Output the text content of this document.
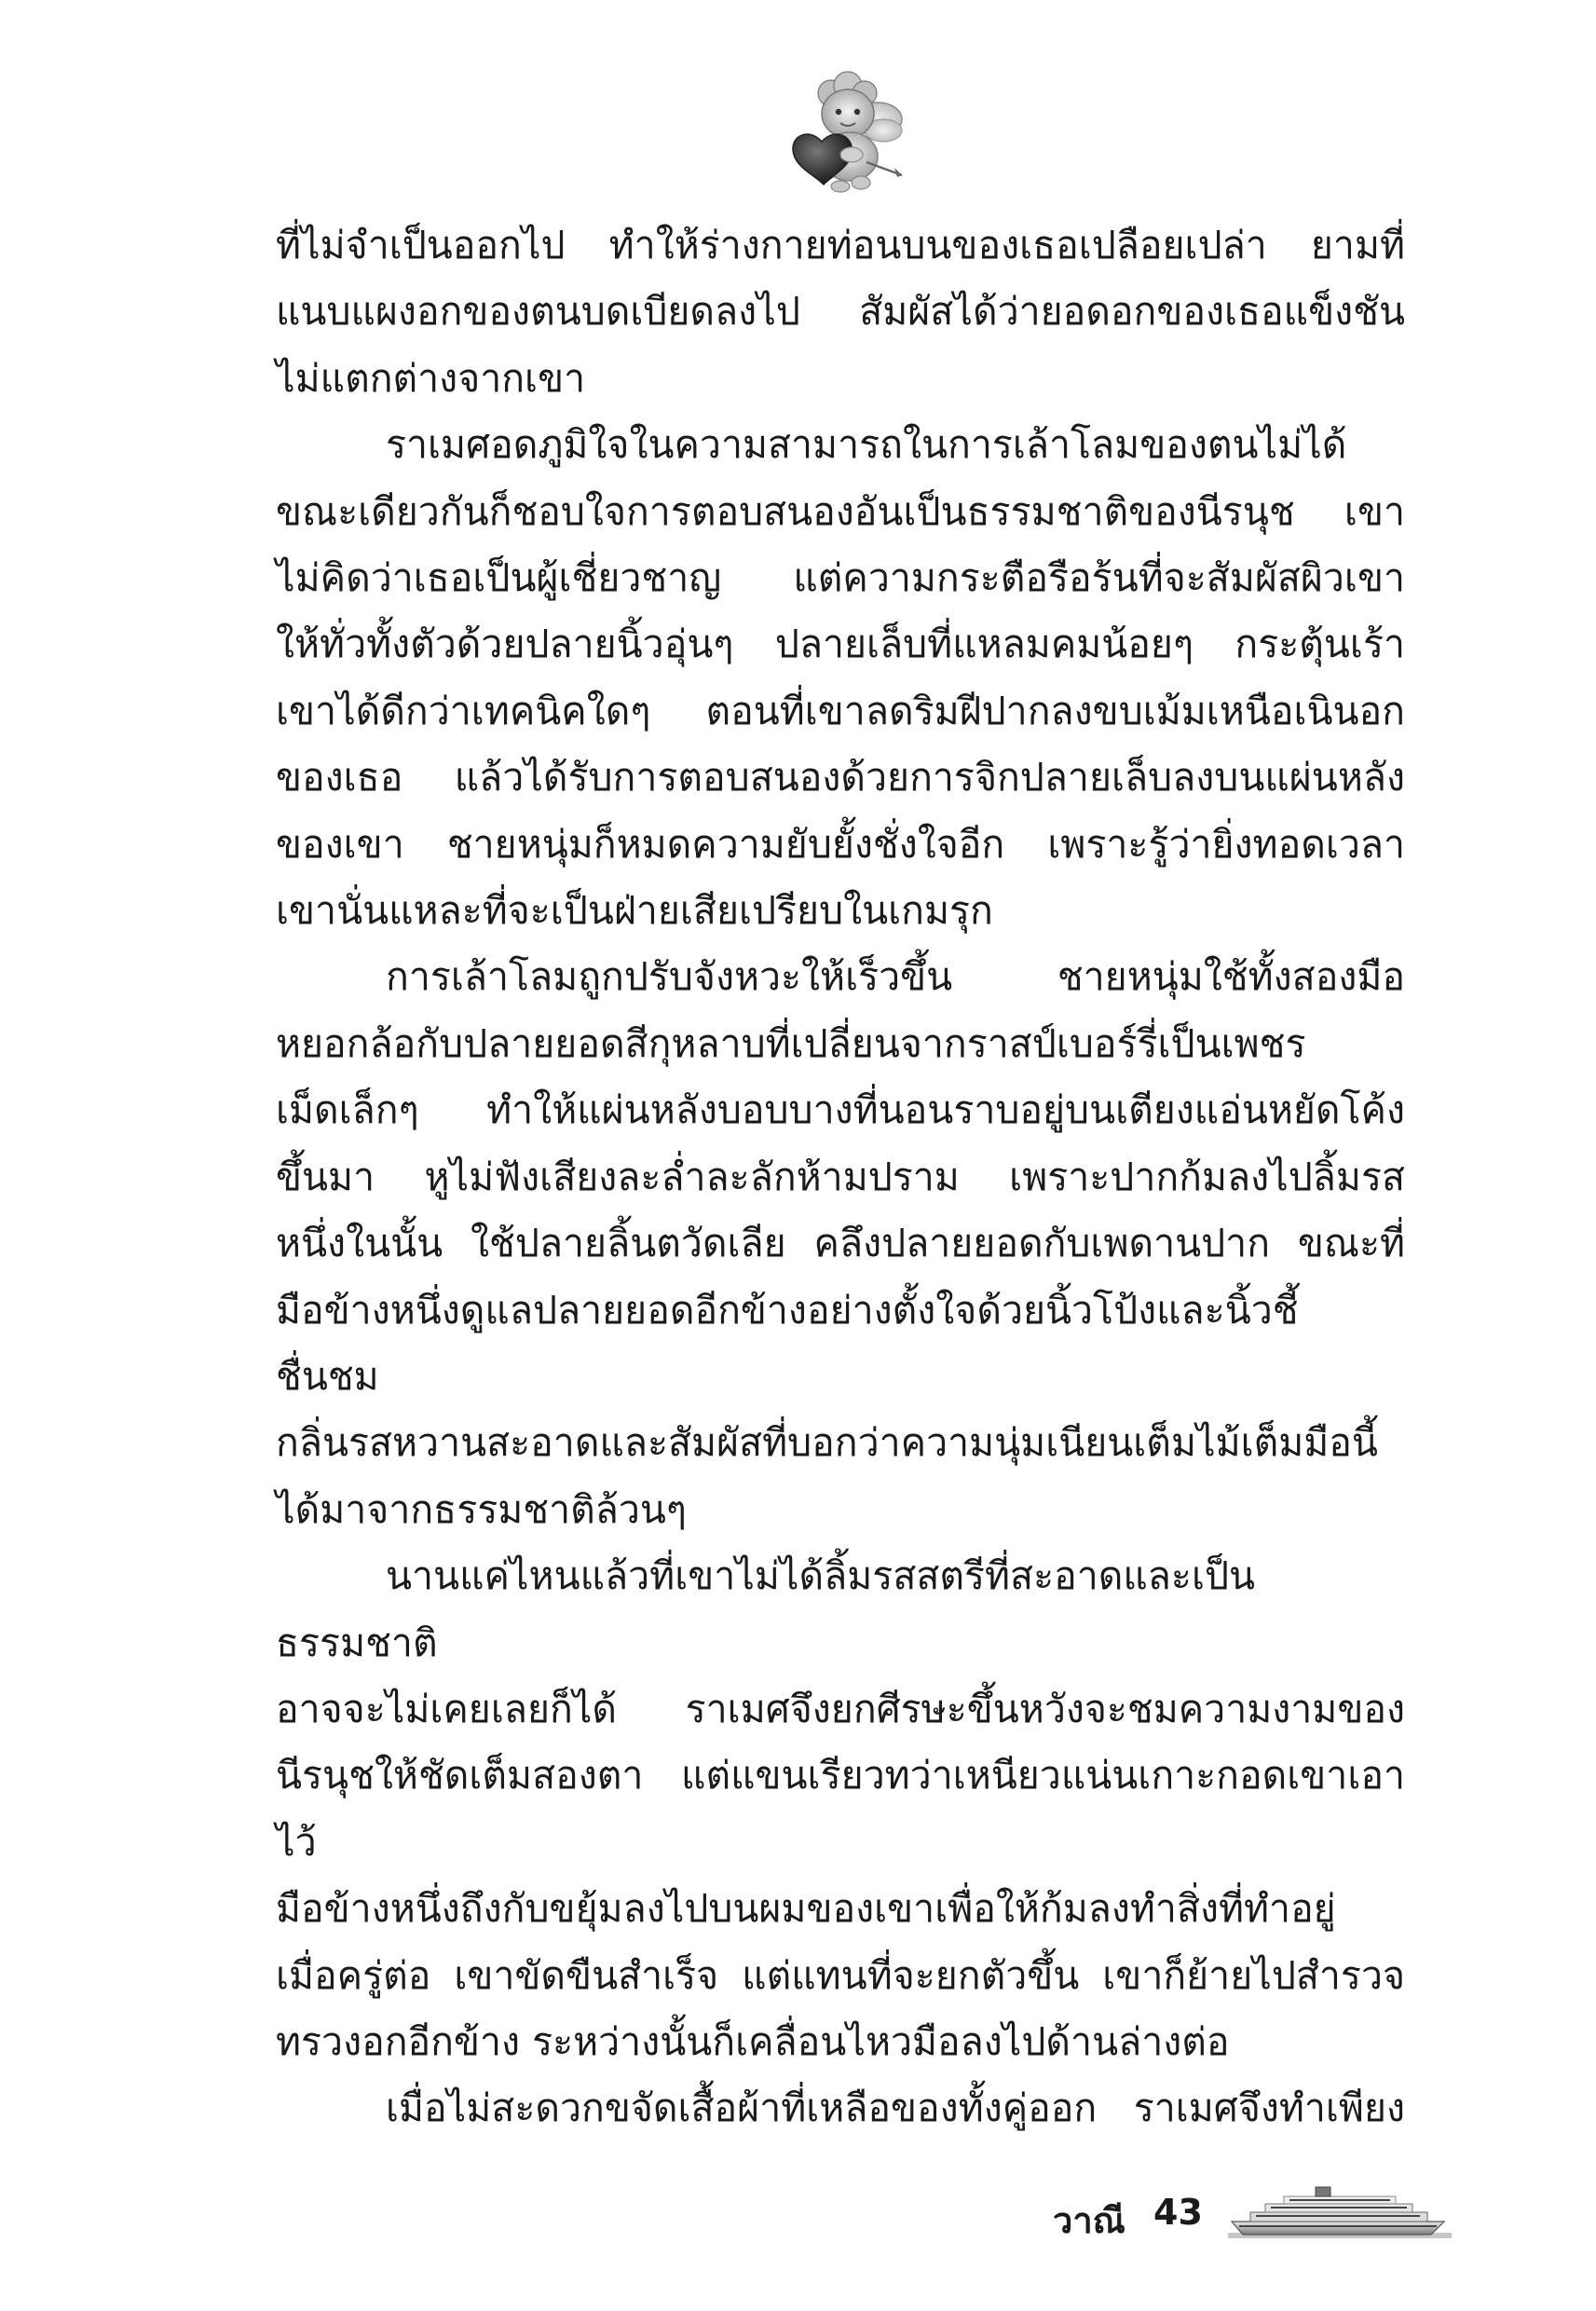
ที่ไม่จำเป็นออกไป ทำให้ร่างกายท่อนบนของเธอเปลือยเปล่า ยามที่
แนบแผงอกของตนบดเบียดลงไป สัมผัสได้ว่ายอดอกของเธอแข็งชัน
ไม่แตกต่างจากเขา
ราเมศอดภูมิใจในความสามารถในการเล้าโลมของตนไม่ได้
ขณะเดียวกันก็ชอบใจการตอบสนองอันเป็นธรรมชาติของนีรนุช เขา
ไม่คิดว่าเธอเป็นผู้เชี่ยวชาญ แต่ความกระตือรือร้นที่จะสัมผัสผิวเขา
ให้ทั่วทั้งตัวด้วยปลายนิ้วอุ่นๆ ปลายเล็บที่แหลมคมน้อยๆ กระตุ้นเร้า
เขาได้ดีกว่าเทคนิคใดๆ ตอนที่เขาลดริมฝีปากลงขบเม้มเหนือเนินอก
ของเธอ แล้วได้รับการตอบสนองด้วยการจิกปลายเล็บลงบนแผ่นหลัง
ของเขา ชายหนุ่มก็หมดความยับยั้งชั่งใจอีก เพราะรู้ว่ายิ่งทอดเวลา
เขานั่นแหละที่จะเป็นฝ่ายเสียเปรียบในเกมรุก
การเล้าโลมถูกปรับจังหวะให้เร็วขึ้น ชายหนุ่มใช้ทั้งสองมือ
หยอกล้อกับปลายยอดสีกุหลาบที่เปลี่ยนจากราสป์เบอร์รี่เป็นเพชร
เม็ดเล็กๆ ทำให้แผ่นหลังบอบบางที่นอนราบอยู่บนเตียงแอ่นหยัดโค้ง
ขึ้นมา หูไม่ฟังเสียงละล่ำละลักห้ามปราม เพราะปากก้มลงไปลิ้มรส
หนึ่งในนั้น ใช้ปลายลิ้นตวัดเลีย คลึงปลายยอดกับเพดานปาก ขณะที่
มือข้างหนึ่งดูแลปลายยอดอีกข้างอย่างตั้งใจด้วยนิ้วโป้งและนิ้วชี้ ชื่นชม
กลิ่นรสหวานสะอาดและสัมผัสที่บอกว่าความนุ่มเนียนเต็มไม้เต็มมือนี้
ได้มาจากธรรมชาติล้วนๆ
นานแค่ไหนแล้วที่เขาไม่ได้ลิ้มรสสตรีที่สะอาดและเป็นธรรมชาติ
อาจจะไม่เคยเลยก็ได้ ราเมศจึงยกศีรษะขึ้นหวังจะชมความงามของ
นีรนุชให้ชัดเต็มสองตา แต่แขนเรียวทว่าเหนียวแน่นเกาะกอดเขาเอาไว้
มือข้างหนึ่งถึงกับขยุ้มลงไปบนผมของเขาเพื่อให้ก้มลงทำสิ่งที่ทำอยู่
เมื่อครู่ต่อ เขาขัดขืนสำเร็จ แต่แทนที่จะยกตัวขึ้น เขาก็ย้ายไปสำรวจ
ทรวงอกอีกข้าง ระหว่างนั้นก็เคลื่อนไหวมือลงไปด้านล่างต่อ
เมื่อไม่สะดวกขจัดเสื้อผ้าที่เหลือของทั้งคู่ออก ราเมศจึงทำเพียง
วาณี 43
